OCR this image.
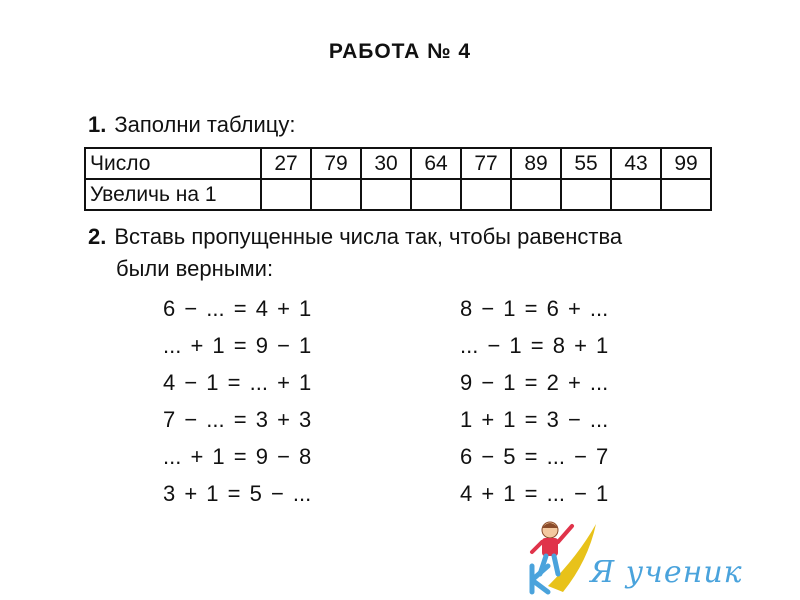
РАБОТА № 4
1. Заполни таблицу:
Число	27	79	30	64	77	89	55	43	99
Увеличь на 1									
2. Вставь пропущенные числа так, чтобы равенства
были верными:
6 − ... = 4 + 1
... + 1 = 9 − 1
4 − 1 = ... + 1
7 − ... = 3 + 3
... + 1 = 9 − 8
3 + 1 = 5 − ...
8 − 1 = 6 + ...
... − 1 = 8 + 1
9 − 1 = 2 + ...
1 + 1 = 3 − ...
6 − 5 = ... − 7
4 + 1 = ... − 1
Я ученик
